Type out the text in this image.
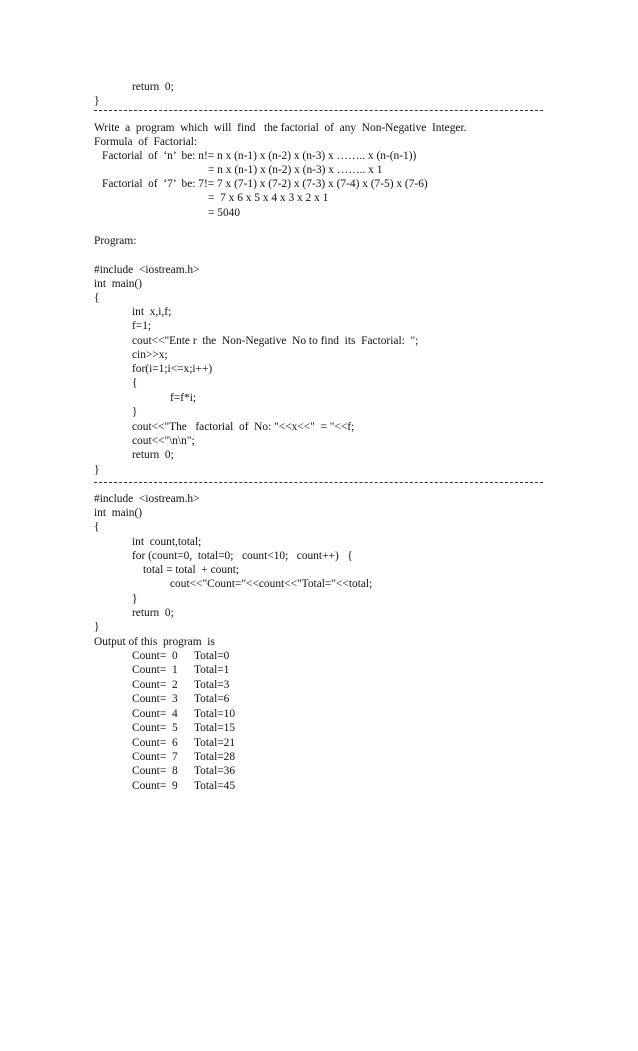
return  0;
}
Write  a  program  which  will  find   the factorial  of  any  Non-Negative  Integer.
Formula  of  Factorial:
Factorial  of  ‘n’  be: n!= n x (n-1) x (n-2) x (n-3) x …….. x (n-(n-1))
= n x (n-1) x (n-2) x (n-3) x …….. x 1
Factorial  of  ‘7’  be: 7!= 7 x (7-1) x (7-2) x (7-3) x (7-4) x (7-5) x (7-6)
=  7 x 6 x 5 x 4 x 3 x 2 x 1
= 5040
Program:
#include  <iostream.h>
int  main()
{
int  x,i,f;
f=1;
cout<<"Ente r  the  Non-Negative  No to find  its  Factorial:  ";
cin>>x;
for(i=1;i<=x;i++)
{
f=f*i;
}
cout<<"The   factorial  of  No: "<<x<<"  = "<<f;
cout<<"\n\n";
return  0;
}
#include  <iostream.h>
int  main()
{
int  count,total;
for (count=0,  total=0;   count<10;   count++)   {
total = total  + count;
cout<<"Count="<<count<<"Total="<<total;
}
return  0;
}
Output of this  program  is
Count=  0 Total=0
Count=  1 Total=1
Count=  2 Total=3
Count=  3 Total=6
Count=  4 Total=10
Count=  5 Total=15
Count=  6 Total=21
Count=  7 Total=28
Count=  8 Total=36
Count=  9 Total=45
